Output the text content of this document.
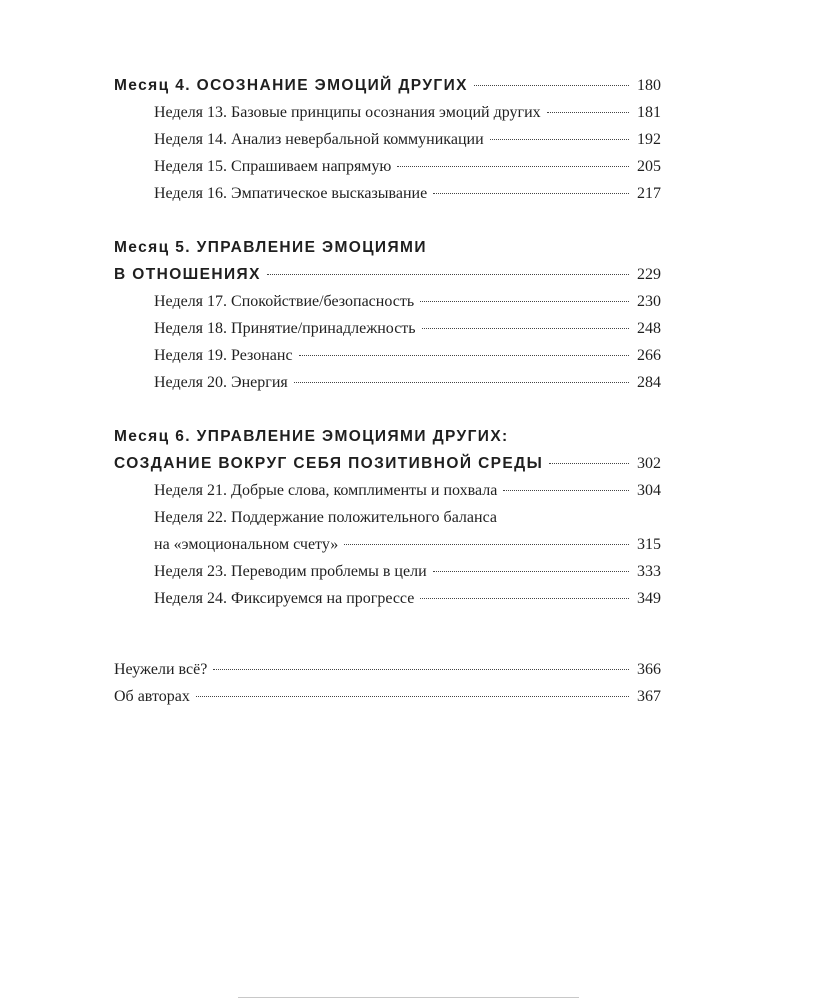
Месяц 4. ОСОЗНАНИЕ ЭМОЦИЙ ДРУГИХ	180
Неделя 13. Базовые принципы осознания эмоций других	181
Неделя 14. Анализ невербальной коммуникации	192
Неделя 15. Спрашиваем напрямую	205
Неделя 16. Эмпатическое высказывание	217
Месяц 5. УПРАВЛЕНИЕ ЭМОЦИЯМИ
В ОТНОШЕНИЯХ	229
Неделя 17. Спокойствие/безопасность	230
Неделя 18. Принятие/принадлежность	248
Неделя 19. Резонанс	266
Неделя 20. Энергия	284
Месяц 6. УПРАВЛЕНИЕ ЭМОЦИЯМИ ДРУГИХ:
СОЗДАНИЕ ВОКРУГ СЕБЯ ПОЗИТИВНОЙ СРЕДЫ	302
Неделя 21. Добрые слова, комплименты и похвала	304
Неделя 22. Поддержание положительного баланса
на «эмоциональном счету»	315
Неделя 23. Переводим проблемы в цели	333
Неделя 24. Фиксируемся на прогрессе	349
Неужели всё?	366
Об авторах	367
